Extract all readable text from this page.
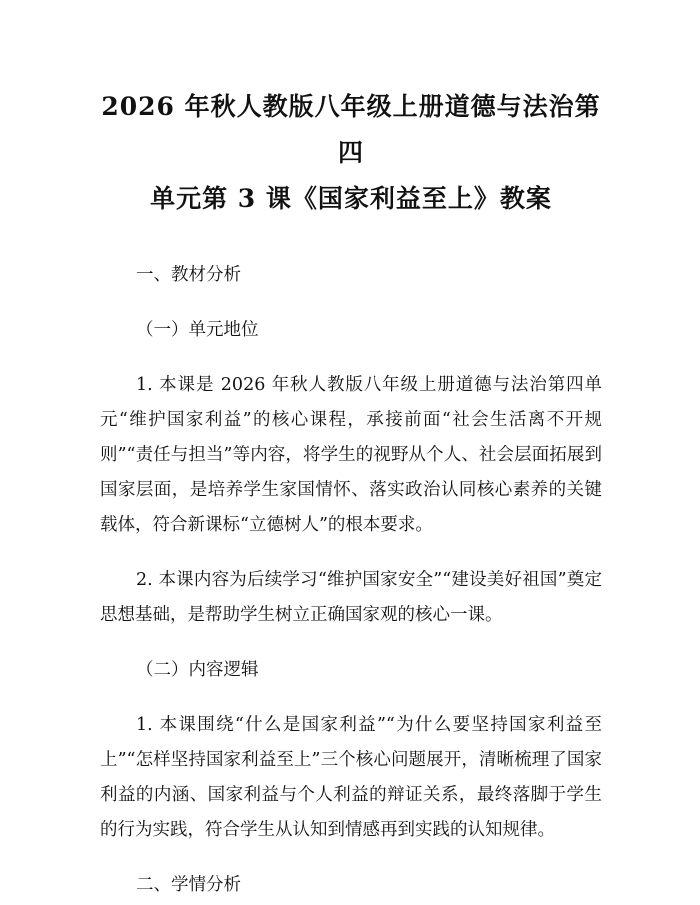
2026 年秋人教版八年级上册道德与法治第四
单元第 3 课《国家利益至上》教案
一、教材分析
（一）单元地位

1. 本课是 2026 年秋人教版八年级上册道德与法治第四单元“维护国家利益”的核心课程，承接前面“社会生活离不开规则”“责任与担当”等内容，将学生的视野从个人、社会层面拓展到国家层面，是培养学生家国情怀、落实政治认同核心素养的关键载体，符合新课标“立德树人”的根本要求。

2. 本课内容为后续学习“维护国家安全”“建设美好祖国”奠定思想基础，是帮助学生树立正确国家观的核心一课。

（二）内容逻辑

1. 本课围绕“什么是国家利益”“为什么要坚持国家利益至上”“怎样坚持国家利益至上”三个核心问题展开，清晰梳理了国家利益的内涵、国家利益与个人利益的辩证关系，最终落脚于学生的行为实践，符合学生从认知到情感再到实践的认知规律。

二、学情分析
